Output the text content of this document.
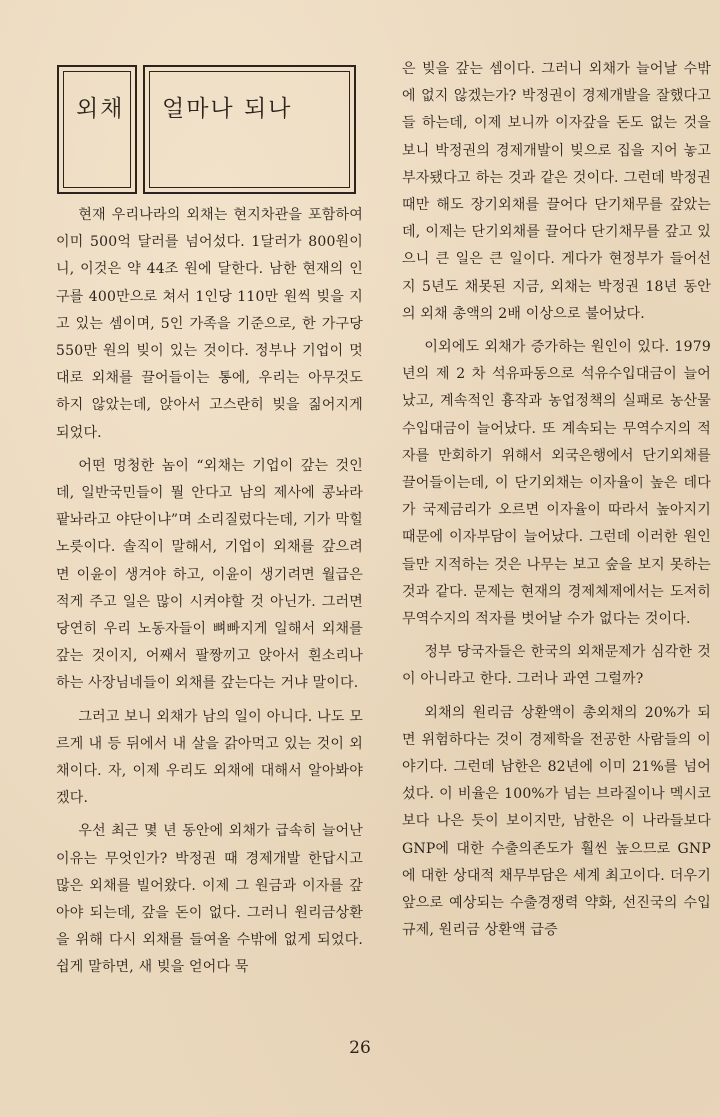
외채 얼마나 되나

현재 우리나라의 외채는 현지차관을 포함하여 이미 500억 달러를 넘어섰다. 1달러가 800원이니, 이것은 약 44조 원에 달한다. 남한 현재의 인구를 400만으로 쳐서 1인당 110만 원씩 빚을 지고 있는 셈이며, 5인 가족을 기준으로, 한 가구당 550만 원의 빚이 있는 것이다. 정부나 기업이 멋대로 외채를 끌어들이는 통에, 우리는 아무것도 하지 않았는데, 앉아서 고스란히 빚을 짊어지게 되었다.

어떤 멍청한 놈이 “외채는 기업이 갚는 것인데, 일반국민들이 뭘 안다고 남의 제사에 콩놔라 팥놔라고 야단이냐”며 소리질렀다는데, 기가 막힐 노릇이다. 솔직이 말해서, 기업이 외채를 갚으려면 이윤이 생겨야 하고, 이윤이 생기려면 월급은 적게 주고 일은 많이 시켜야할 것 아닌가. 그러면 당연히 우리 노동자들이 뼈빠지게 일해서 외채를 갚는 것이지, 어째서 팔짱끼고 앉아서 흰소리나 하는 사장님네들이 외채를 갚는다는 거냐 말이다.

그러고 보니 외채가 남의 일이 아니다. 나도 모르게 내 등 뒤에서 내 살을 갉아먹고 있는 것이 외채이다. 자, 이제 우리도 외채에 대해서 알아봐야겠다.

우선 최근 몇 년 동안에 외채가 급속히 늘어난 이유는 무엇인가? 박정권 때 경제개발 한답시고 많은 외채를 빌어왔다. 이제 그 원금과 이자를 갚아야 되는데, 갚을 돈이 없다. 그러니 원리금상환을 위해 다시 외채를 들여올 수밖에 없게 되었다. 쉽게 말하면, 새 빚을 얻어다 묵

은 빚을 갚는 셈이다. 그러니 외채가 늘어날 수밖에 없지 않겠는가? 박정권이 경제개발을 잘했다고들 하는데, 이제 보니까 이자갚을 돈도 없는 것을 보니 박정권의 경제개발이 빚으로 집을 지어 놓고 부자됐다고 하는 것과 같은 것이다. 그런데 박정권 때만 해도 장기외채를 끌어다 단기채무를 갚았는데, 이제는 단기외채를 끌어다 단기채무를 갚고 있으니 큰 일은 큰 일이다. 게다가 현정부가 들어선지 5년도 채못된 지금, 외채는 박정권 18년 동안의 외채 총액의 2배 이상으로 불어났다.

이외에도 외채가 증가하는 원인이 있다. 1979년의 제 2 차 석유파동으로 석유수입대금이 늘어났고, 계속적인 흉작과 농업정책의 실패로 농산물 수입대금이 늘어났다. 또 계속되는 무역수지의 적자를 만회하기 위해서 외국은행에서 단기외채를 끌어들이는데, 이 단기외채는 이자율이 높은 데다가 국제금리가 오르면 이자율이 따라서 높아지기 때문에 이자부담이 늘어났다. 그런데 이러한 원인들만 지적하는 것은 나무는 보고 숲을 보지 못하는 것과 같다. 문제는 현재의 경제체제에서는 도저히 무역수지의 적자를 벗어날 수가 없다는 것이다.

정부 당국자들은 한국의 외채문제가 심각한 것이 아니라고 한다. 그러나 과연 그럴까?

외채의 원리금 상환액이 총외채의 20%가 되면 위험하다는 것이 경제학을 전공한 사람들의 이야기다. 그런데 남한은 82년에 이미 21%를 넘어섰다. 이 비율은 100%가 넘는 브라질이나 멕시코보다 나은 듯이 보이지만, 남한은 이 나라들보다 GNP에 대한 수출의존도가 훨씬 높으므로 GNP에 대한 상대적 채무부담은 세계 최고이다. 더우기 앞으로 예상되는 수출경쟁력 약화, 선진국의 수입규제, 원리금 상환액 급증

26
